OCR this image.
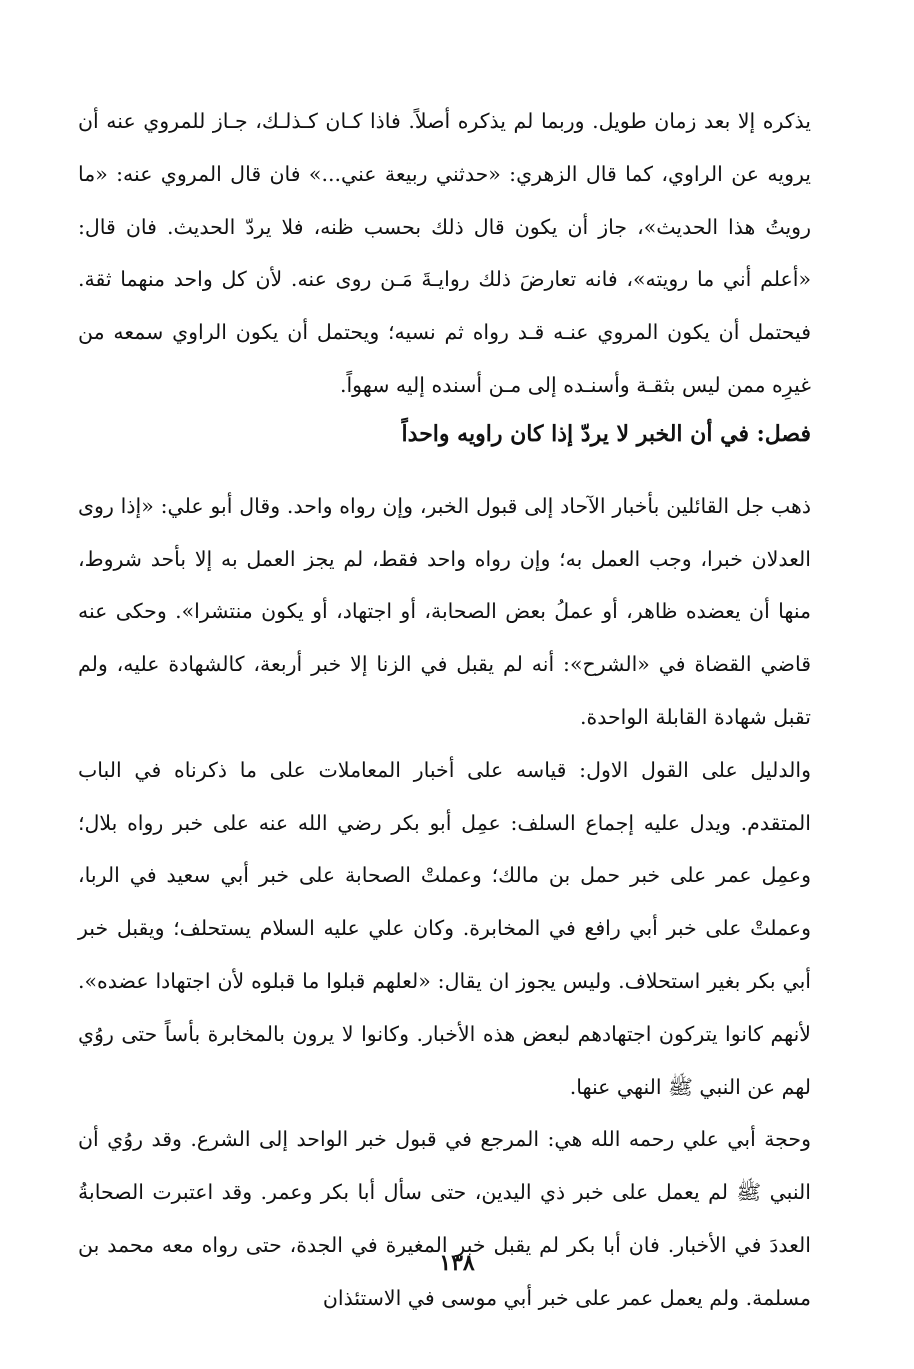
يذكره إلا بعد زمان طويل. وربما لم يذكره أصلاً. فاذا كـان كـذلـك، جـاز للمروي عنه أن يرويه عن الراوي، كما قال الزهري: «حدثني ربيعة عني...» فان قال المروي عنه: «ما رويتُ هذا الحديث»، جاز أن يكون قال ذلك بحسب ظنه، فلا يردّ الحديث. فان قال: «أعلم أني ما رويته»، فانه تعارضَ ذلك روايـةَ مَـن روى عنه. لأن كل واحد منهما ثقة. فيحتمل أن يكون المروي عنـه قـد رواه ثم نسيه؛ ويحتمل أن يكون الراوي سمعه من غيرِه ممن ليس بثقـة وأسنـده إلى مـن أسنده إليه سهواً.

فصل: في أن الخبر لا يردّ إذا كان راويه واحداً

ذهب جل القائلين بأخبار الآحاد إلى قبول الخبر، وإن رواه واحد. وقال أبو علي: «إذا روى العدلان خبرا، وجب العمل به؛ وإن رواه واحد فقط، لم يجز العمل به إلا بأحد شروط، منها أن يعضده ظاهر، أو عملُ بعض الصحابة، أو اجتهاد، أو يكون منتشرا». وحكى عنه قاضي القضاة في «الشرح»: أنه لم يقبل في الزنا إلا خبر أربعة، كالشهادة عليه، ولم تقبل شهادة القابلة الواحدة.

والدليل على القول الاول: قياسه على أخبار المعاملات على ما ذكرناه في الباب المتقدم. ويدل عليه إجماع السلف: عمِل أبو بكر رضي الله عنه على خبر رواه بلال؛ وعمِل عمر على خبر حمل بن مالك؛ وعملتْ الصحابة على خبر أبي سعيد في الربا، وعملتْ على خبر أبي رافع في المخابرة. وكان علي عليه السلام يستحلف؛ ويقبل خبر أبي بكر بغير استحلاف. وليس يجوز ان يقال: «لعلهم قبلوا ما قبلوه لأن اجتهادا عضده». لأنهم كانوا يتركون اجتهادهم لبعض هذه الأخبار. وكانوا لا يرون بالمخابرة بأساً حتى روُي لهم عن النبي ﷺ النهي عنها.

وحجة أبي علي رحمه الله هي: المرجع في قبول خبر الواحد إلى الشرع. وقد روُي أن النبي ﷺ لم يعمل على خبر ذي اليدين، حتى سأل أبا بكر وعمر. وقد اعتبرت الصحابةُ العددَ في الأخبار. فان أبا بكر لم يقبل خبر المغيرة في الجدة، حتى رواه معه محمد بن مسلمة. ولم يعمل عمر على خبر أبي موسى في الاستئذان

١٣٨
